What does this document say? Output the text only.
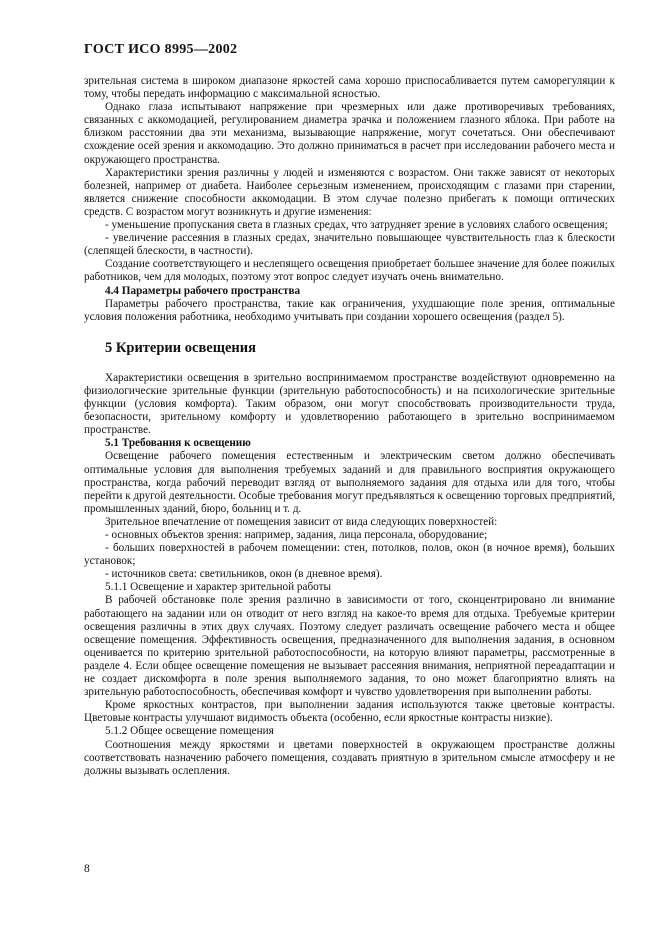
ГОСТ ИСО 8995—2002

зрительная система в широком диапазоне яркостей сама хорошо приспосабливается путем саморегуляции к тому, чтобы передать информацию с максимальной ясностью.

Однако глаза испытывают напряжение при чрезмерных или даже противоречивых требованиях, связанных с аккомодацией, регулированием диаметра зрачка и положением глазного яблока. При работе на близком расстоянии два эти механизма, вызывающие напряжение, могут сочетаться. Они обеспечивают схождение осей зрения и аккомодацию. Это должно приниматься в расчет при исследовании рабочего места и окружающего пространства.

Характеристики зрения различны у людей и изменяются с возрастом. Они также зависят от некоторых болезней, например от диабета. Наиболее серьезным изменением, происходящим с глазами при старении, является снижение способности аккомодации. В этом случае полезно прибегать к помощи оптических средств. С возрастом могут возникнуть и другие изменения:

- уменьшение пропускания света в глазных средах, что затрудняет зрение в условиях слабого освещения;

- увеличение рассеяния в глазных средах, значительно повышающее чувствительность глаз к блескости (слепящей блескости, в частности).

Создание соответствующего и неслепящего освещения приобретает большее значение для более пожилых работников, чем для молодых, поэтому этот вопрос следует изучать очень внимательно.

4.4 Параметры рабочего пространства

Параметры рабочего пространства, такие как ограничения, ухудшающие поле зрения, оптимальные условия положения работника, необходимо учитывать при создании хорошего освещения (раздел 5).

5 Критерии освещения

Характеристики освещения в зрительно воспринимаемом пространстве воздействуют одновременно на физиологические зрительные функции (зрительную работоспособность) и на психологические зрительные функции (условия комфорта). Таким образом, они могут способствовать производительности труда, безопасности, зрительному комфорту и удовлетворению работающего в зрительно воспринимаемом пространстве.

5.1 Требования к освещению

Освещение рабочего помещения естественным и электрическим светом должно обеспечивать оптимальные условия для выполнения требуемых заданий и для правильного восприятия окружающего пространства, когда рабочий переводит взгляд от выполняемого задания для отдыха или для того, чтобы перейти к другой деятельности. Особые требования могут предъявляться к освещению торговых предприятий, промышленных зданий, бюро, больниц и т. д.

Зрительное впечатление от помещения зависит от вида следующих поверхностей:

- основных объектов зрения: например, задания, лица персонала, оборудование;

- больших поверхностей в рабочем помещении: стен, потолков, полов, окон (в ночное время), больших установок;

- источников света: светильников, окон (в дневное время).

5.1.1 Освещение и характер зрительной работы

В рабочей обстановке поле зрения различно в зависимости от того, сконцентрировано ли внимание работающего на задании или он отводит от него взгляд на какое-то время для отдыха. Требуемые критерии освещения различны в этих двух случаях. Поэтому следует различать освещение рабочего места и общее освещение помещения. Эффективность освещения, предназначенного для выполнения задания, в основном оценивается по критерию зрительной работоспособности, на которую влияют параметры, рассмотренные в разделе 4. Если общее освещение помещения не вызывает рассеяния внимания, неприятной переадаптации и не создает дискомфорта в поле зрения выполняемого задания, то оно может благоприятно влиять на зрительную работоспособность, обеспечивая комфорт и чувство удовлетворения при выполнении работы.

Кроме яркостных контрастов, при выполнении задания используются также цветовые контрасты. Цветовые контрасты улучшают видимость объекта (особенно, если яркостные контрасты низкие).

5.1.2 Общее освещение помещения

Соотношения между яркостями и цветами поверхностей в окружающем пространстве должны соответствовать назначению рабочего помещения, создавать приятную в зрительном смысле атмосферу и не должны вызывать ослепления.

8
